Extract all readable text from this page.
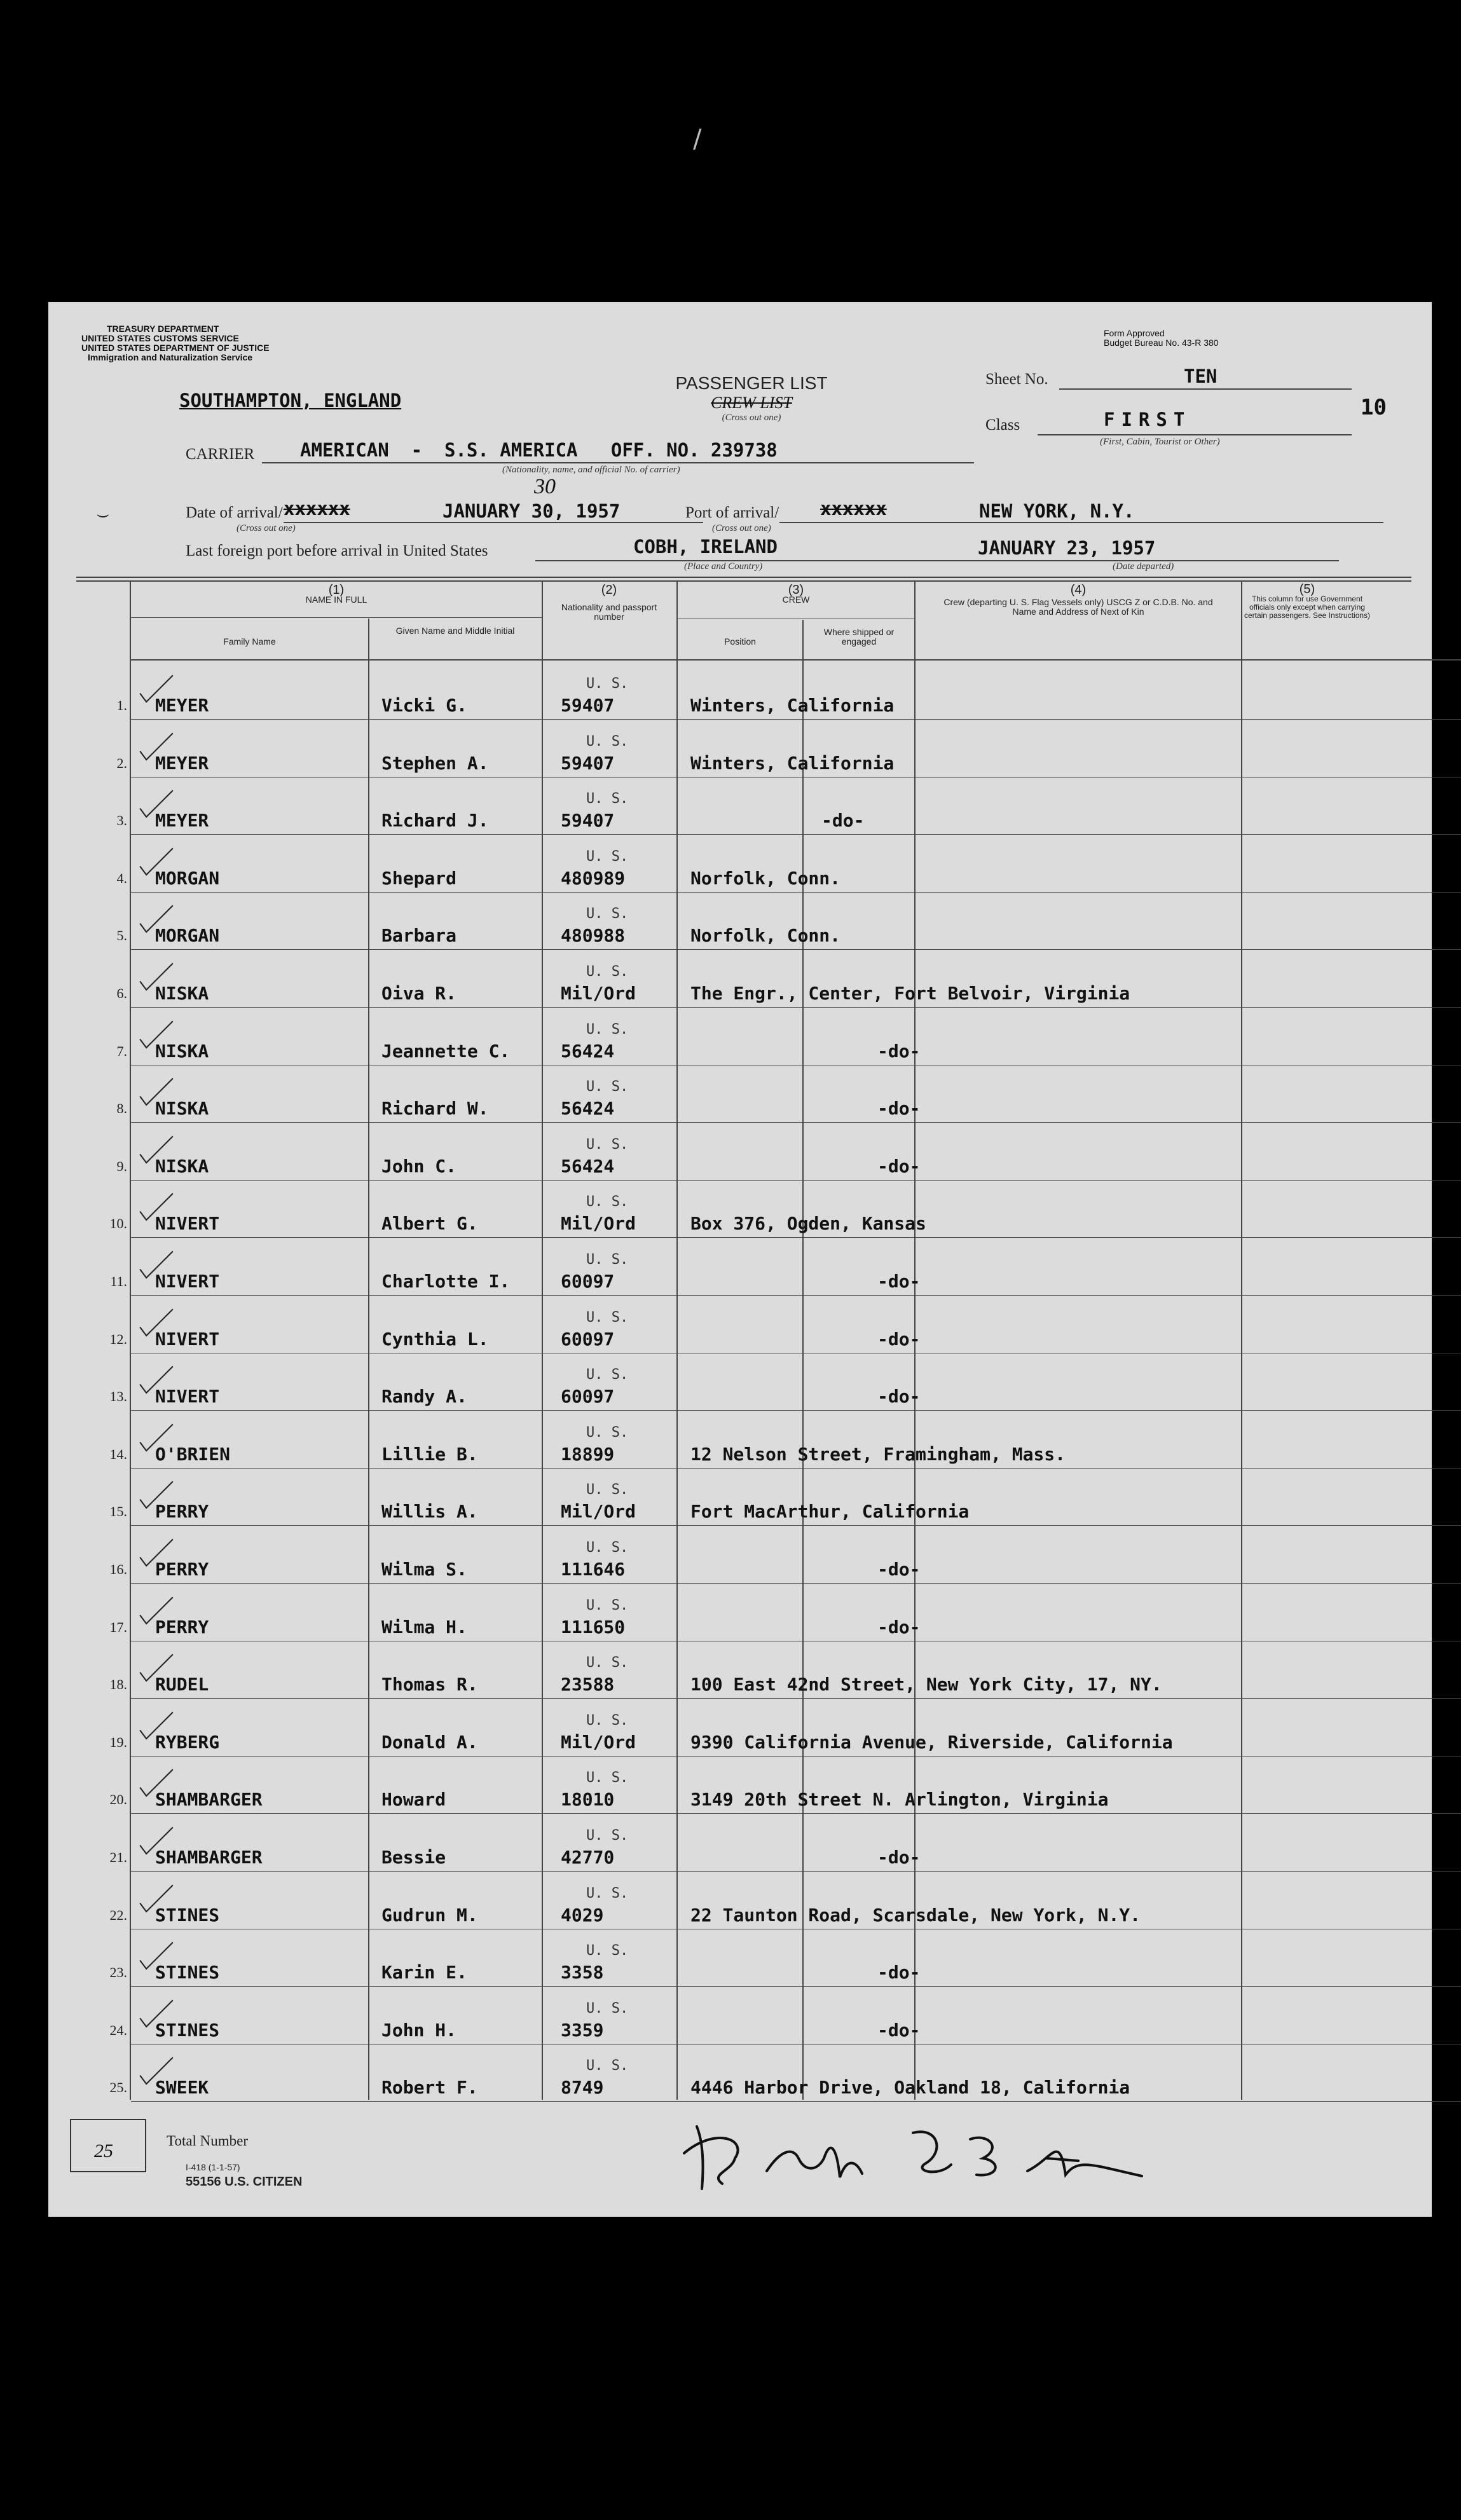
/
TREASURY DEPARTMENT
UNITED STATES CUSTOMS SERVICE
UNITED STATES DEPARTMENT OF JUSTICE
Immigration and Naturalization Service
Form Approved
Budget Bureau No. 43-R 380
SOUTHAMPTON, ENGLAND
PASSENGER LIST
CREW LIST
(Cross out one)
Sheet No.	TEN
10
Class	FIRST
(First, Cabin, Tourist or Other)
CARRIER AMERICAN  -  S.S. AMERICA   OFF. NO. 239738
(Nationality, name, and official No. of carrier)
‿	Date of arrival/ xxxxxx
(Cross out one)
JANUARY 30, 1957
30
Port of arrival/ xxxxxx
(Cross out one)
NEW YORK, N.Y.
Last foreign port before arrival in United States	COBH, IRELAND
(Place and Country)
JANUARY 23, 1957
(Date departed)
(1)
NAME IN FULL
Family Name
Given Name and Middle Initial
(2)
Nationality and passport number
(3)
CREW
Position
Where shipped or engaged
(4)
Crew (departing U. S. Flag Vessels only) USCG Z or C.D.B. No. and Name and Address of Next of Kin
(5)
This column for use Government officials only except when carrying certain passengers. See Instructions)
1.
U. S.
MEYER	Vicki G.	59407	Winters, California
2.
U. S.
MEYER	Stephen A.	59407	Winters, California
3.
U. S.
MEYER	Richard J.	59407	-do-
4.
U. S.
MORGAN	Shepard	480989	Norfolk, Conn.
5.
U. S.
MORGAN	Barbara	480988	Norfolk, Conn.
6.
U. S.
NISKA	Oiva R.	Mil/Ord	The Engr., Center, Fort Belvoir, Virginia
7.
U. S.
NISKA	Jeannette C.	56424	-do-
8.
U. S.
NISKA	Richard W.	56424	-do-
9.
U. S.
NISKA	John C.	56424	-do-
10.
U. S.
NIVERT	Albert G.	Mil/Ord	Box 376, Ogden, Kansas
11.
U. S.
NIVERT	Charlotte I.	60097	-do-
12.
U. S.
NIVERT	Cynthia L.	60097	-do-
13.
U. S.
NIVERT	Randy A.	60097	-do-
14.
U. S.
O'BRIEN	Lillie B.	18899	12 Nelson Street, Framingham, Mass.
15.
U. S.
PERRY	Willis A.	Mil/Ord	Fort MacArthur, California
16.
U. S.
PERRY	Wilma S.	111646	-do-
17.
U. S.
PERRY	Wilma H.	111650	-do-
18.
U. S.
RUDEL	Thomas R.	23588	100 East 42nd Street, New York City, 17, NY.
19.
U. S.
RYBERG	Donald A.	Mil/Ord	9390 California Avenue, Riverside, California
20.
U. S.
SHAMBARGER	Howard	18010	3149 20th Street N. Arlington, Virginia
21.
U. S.
SHAMBARGER	Bessie	42770	-do-
22.
U. S.
STINES	Gudrun M.	4029	22 Taunton Road, Scarsdale, New York, N.Y.
23.
U. S.
STINES	Karin E.	3358	-do-
24.
U. S.
STINES	John H.	3359	-do-
25.
U. S.
SWEEK	Robert F.	8749	4446 Harbor Drive, Oakland 18, California
25	Total Number
I-418 (1-1-57)
55156 U.S. CITIZEN
